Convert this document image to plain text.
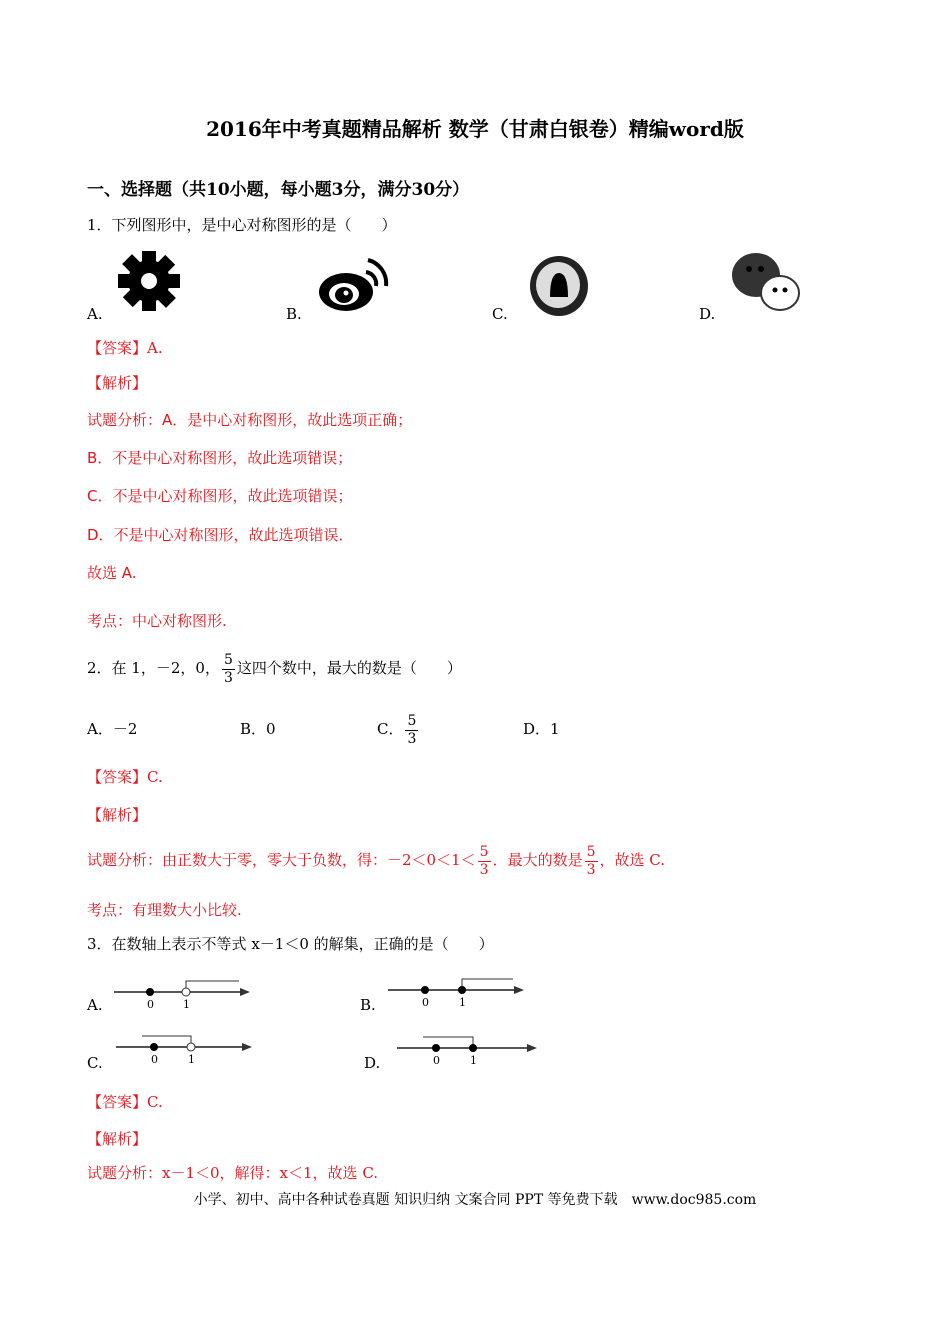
2016年中考真题精品解析 数学（甘肃白银卷）精编word版
一、选择题（共10小题，每小题3分，满分30分）
1．下列图形中，是中心对称图形的是（　　）
A.	B.	C.	D.
【答案】A.
【解析】
试题分析：A．是中心对称图形，故此选项正确；
B．不是中心对称图形，故此选项错误；
C．不是中心对称图形，故此选项错误；
D．不是中心对称图形，故此选项错误．
故选 A.
考点：中心对称图形.
2．在 1，－2，0， $\frac{5}{3}$ 这四个数中，最大的数是（　　）
A．－2	B．0	C． $\frac{5}{3}$	D．1
【答案】C.
【解析】
试题分析：由正数大于零，零大于负数，得：$-2<0<1< \frac{5}{3}$ ．最大的数是 $\frac{5}{3}$ ，故选 C.
考点：有理数大小比较.
3．在数轴上表示不等式 x－1＜0 的解集，正确的是（　　）
A.	B.
C.	D.
0	1	0	1
0	1	0	1
【答案】C.
【解析】
试题分析：x－1＜0，解得：x＜1，故选 C.
小学、初中、高中各种试卷真题 知识归纳 文案合同 PPT 等免费下载　www.doc985.com
